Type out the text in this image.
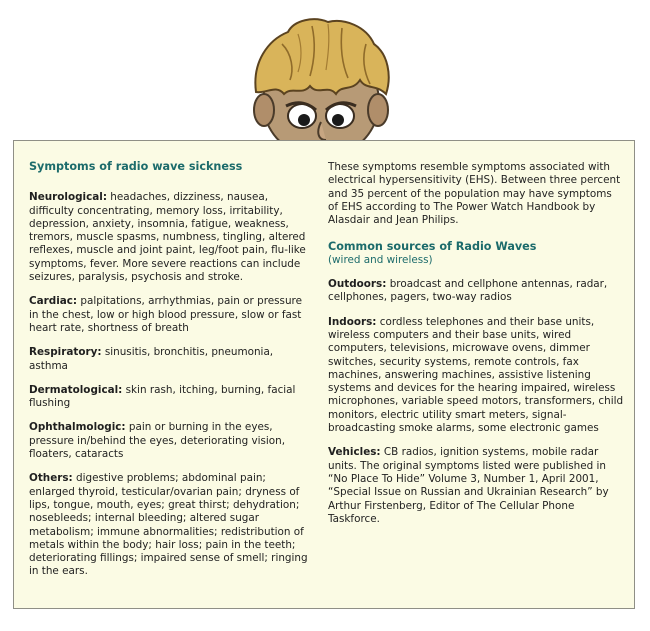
Symptoms of radio wave sickness

Neurological: headaches, dizziness, nausea, difficulty concentrating, memory loss, irritability, depression, anxiety, insomnia, fatigue, weakness, tremors, muscle spasms, numbness, tingling, altered reflexes, muscle and joint paint, leg/foot pain, flu-like symptoms, fever. More severe reactions can include seizures, paralysis, psychosis and stroke.

Cardiac: palpitations, arrhythmias, pain or pressure in the chest, low or high blood pressure, slow or fast heart rate, shortness of breath

Respiratory: sinusitis, bronchitis, pneumonia, asthma

Dermatological: skin rash, itching, burning, facial flushing

Ophthalmologic: pain or burning in the eyes, pressure in/behind the eyes, deteriorating vision, floaters, cataracts

Others: digestive problems; abdominal pain; enlarged thyroid, testicular/ovarian pain; dryness of lips, tongue, mouth, eyes; great thirst; dehydration; nosebleeds; internal bleeding; altered sugar metabolism; immune abnormalities; redistribution of metals within the body; hair loss; pain in the teeth; deteriorating fillings; impaired sense of smell; ringing in the ears.

These symptoms resemble symptoms associated with electrical hypersensitivity (EHS). Between three percent and 35 percent of the population may have symptoms of EHS according to The Power Watch Handbook by Alasdair and Jean Philips.

Common sources of Radio Waves

(wired and wireless)

Outdoors: broadcast and cellphone antennas, radar, cellphones, pagers, two-way radios

Indoors: cordless telephones and their base units, wireless computers and their base units, wired computers, televisions, microwave ovens, dimmer switches, security systems, remote controls, fax machines, answering machines, assistive listening systems and devices for the hearing impaired, wireless microphones, variable speed motors, transformers, child monitors, electric utility smart meters, signal-broadcasting smoke alarms, some electronic games

Vehicles: CB radios, ignition systems, mobile radar units. The original symptoms listed were published in “No Place To Hide” Volume 3, Number 1, April 2001, “Special Issue on Russian and Ukrainian Research” by Arthur Firstenberg, Editor of The Cellular Phone Taskforce.
